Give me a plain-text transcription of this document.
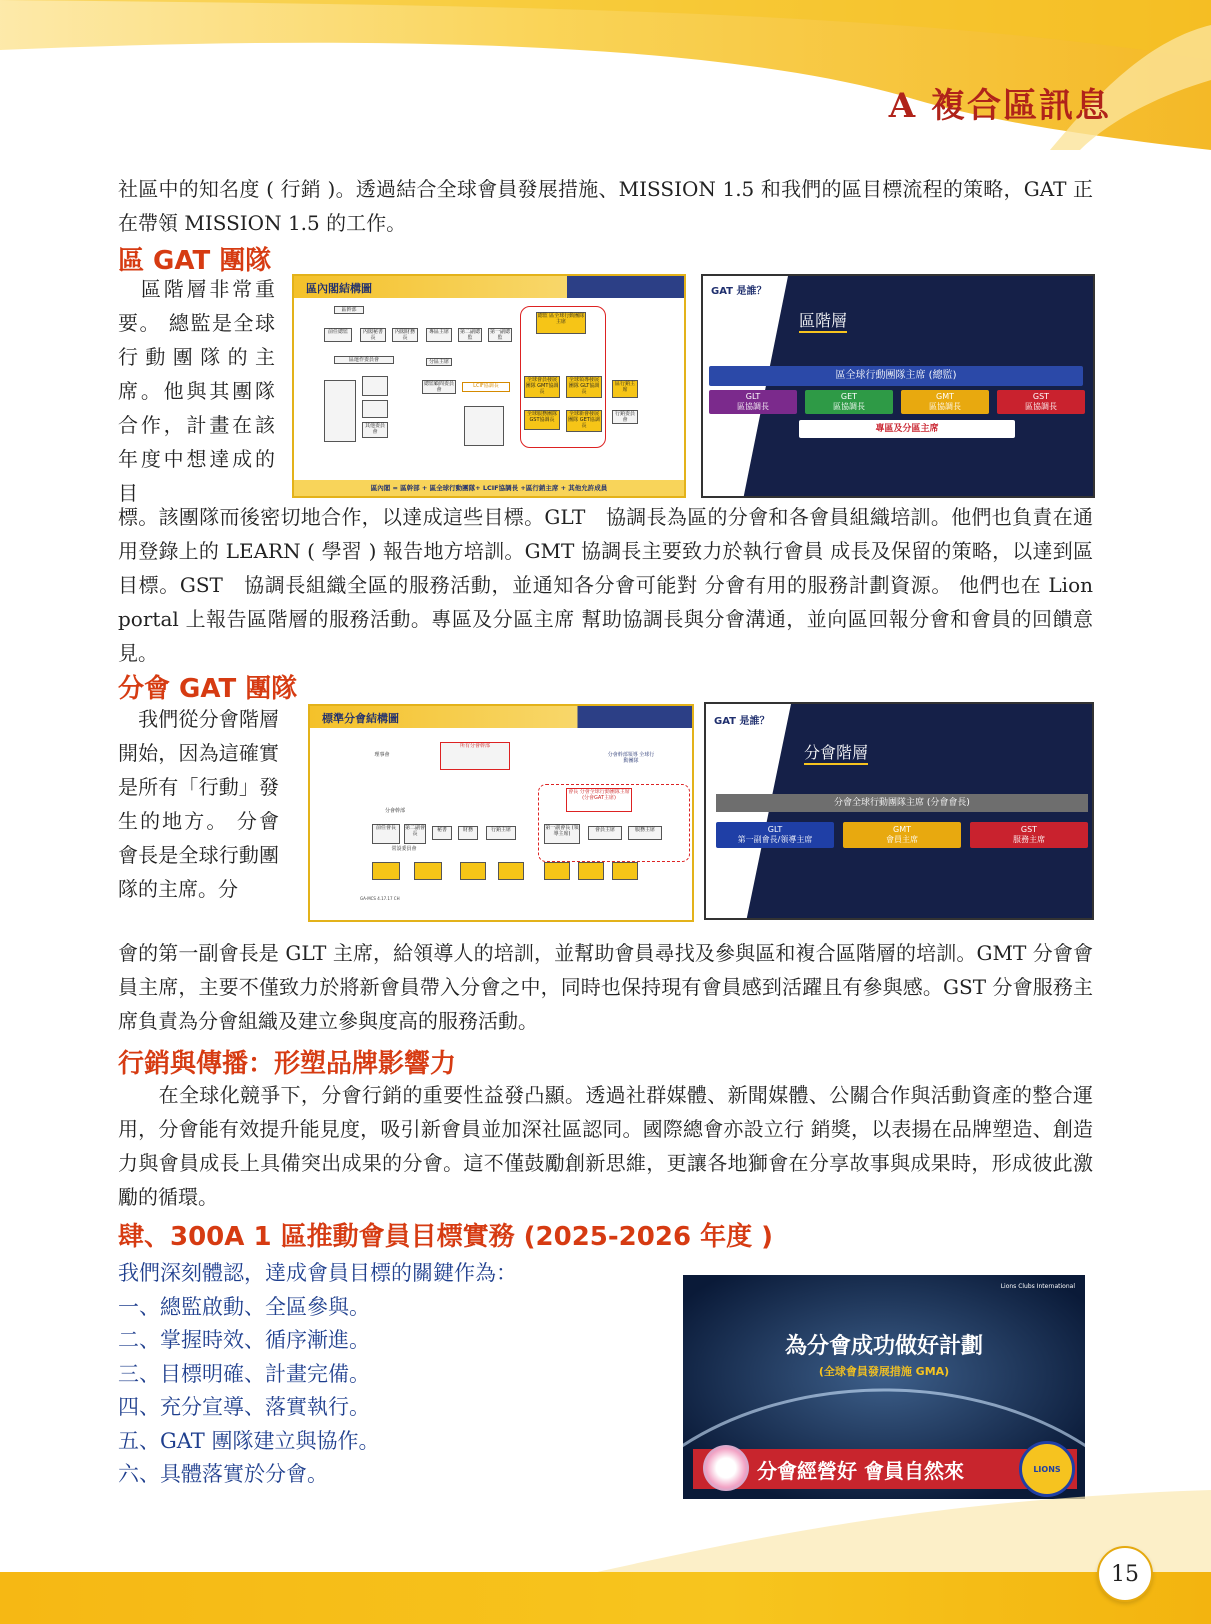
A 複合區訊息

社區中的知名度 ( 行銷 )。透過結合全球會員發展措施、MISSION 1.5 和我們的區目標流程的策略，GAT 正在帶領 MISSION 1.5 的工作。

區 GAT 團隊

　區階層非常重要。 總監是全球行動團隊的主席。他與其團隊合作，計畫在該年度中想達成的 目

區內閣結構圖
區幹部
前任總監	內閣秘書長
內閣財務長
專區主席	第二副總監
第一副總監
總監 區全球行動團隊主席
區運作委員會	分區主席
其他委員會
總監顧問委員會
LCIF協調長
全球會員發展團隊 GMT協調長
全球領導發展團隊 GLT協調長
區行銷主席
全球服務團隊 GST協調長
全球新會發展團隊 GET協調長
行銷委員會
區內閣 = 區幹部 + 區全球行動團隊+ LCIF協調長 +區行銷主席 + 其他允許成員
GAT 是誰？
區階層
區全球行動團隊主席 (總監)
GLT
區協調長
GET
區協調長
GMT
區協調長
GST
區協調長
專區及分區主席

標。該團隊而後密切地合作，以達成這些目標。GLT　協調長為區的分會和各會員組織培訓。他們也負責在通用登錄上的 LEARN ( 學習 ) 報告地方培訓。GMT 協調長主要致力於執行會員 成長及保留的策略，以達到區目標。GST　協調長組織全區的服務活動，並通知各分會可能對 分會有用的服務計劃資源。 他們也在 Lion portal 上報告區階層的服務活動。專區及分區主席 幫助協調長與分會溝通，並向區回報分會和會員的回饋意見。

分會 GAT 團隊

　我們從分會階層開始，因為這確實是所有「行動」發生的地方。 分會會長是全球行動團隊的主席。分

標準分會結構圖
理事會
所有分會幹部
分會幹部領導 全球行動團隊
會長 分會全球行動團隊主席 (分會GAT主席)
分會幹部
前任會長	第二副會長
秘書	財務	行銷主席	第一副會長 (領導主席)
會員主席	服務主席
常設委員會
GA-MCS 4.17.17 CH
GAT 是誰？
分會階層
分會全球行動團隊主席 (分會會長)
GLT
第一副會長/領導主席
GMT
會員主席
GST
服務主席

會的第一副會長是 GLT 主席，給領導人的培訓，並幫助會員尋找及參與區和複合區階層的培訓。GMT 分會會員主席，主要不僅致力於將新會員帶入分會之中，同時也保持現有會員感到活躍且有參與感。GST 分會服務主席負責為分會組織及建立參與度高的服務活動。

行銷與傳播：形塑品牌影響力

　　在全球化競爭下，分會行銷的重要性益發凸顯。透過社群媒體、新聞媒體、公關合作與活動資產的整合運用，分會能有效提升能見度，吸引新會員並加深社區認同。國際總會亦設立行 銷獎，以表揚在品牌塑造、創造力與會員成長上具備突出成果的分會。這不僅鼓勵創新思維，更讓各地獅會在分享故事與成果時，形成彼此激勵的循環。

肆、300A 1 區推動會員目標實務 (2025-2026 年度 )
我們深刻體認，達成會員目標的關鍵作為：
一、總監啟動、全區參與。
二、掌握時效、循序漸進。
三、目標明確、計畫完備。
四、充分宣導、落實執行。
五、GAT 團隊建立與協作。
六、具體落實於分會。
Lions Clubs International
為分會成功做好計劃
(全球會員發展措施 GMA)
分會經營好 會員自然來	LIONS
15
